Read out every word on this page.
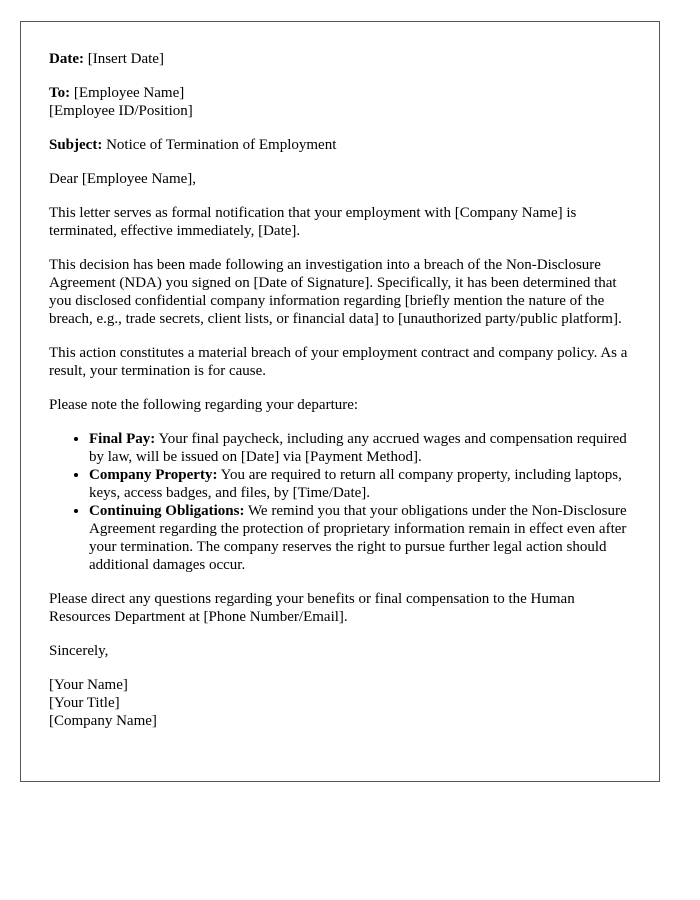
Date: [Insert Date]

To: [Employee Name]
[Employee ID/Position]

Subject: Notice of Termination of Employment

Dear [Employee Name],

This letter serves as formal notification that your employment with [Company Name] is terminated, effective immediately, [Date].

This decision has been made following an investigation into a breach of the Non-Disclosure Agreement (NDA) you signed on [Date of Signature]. Specifically, it has been determined that you disclosed confidential company information regarding [briefly mention the nature of the breach, e.g., trade secrets, client lists, or financial data] to [unauthorized party/public platform].

This action constitutes a material breach of your employment contract and company policy. As a result, your termination is for cause.

Please note the following regarding your departure:

• Final Pay: Your final paycheck, including any accrued wages and compensation required by law, will be issued on [Date] via [Payment Method].
• Company Property: You are required to return all company property, including laptops, keys, access badges, and files, by [Time/Date].
• Continuing Obligations: We remind you that your obligations under the Non-Disclosure Agreement regarding the protection of proprietary information remain in effect even after your termination. The company reserves the right to pursue further legal action should additional damages occur.

Please direct any questions regarding your benefits or final compensation to the Human Resources Department at [Phone Number/Email].

Sincerely,

[Your Name]
[Your Title]
[Company Name]
